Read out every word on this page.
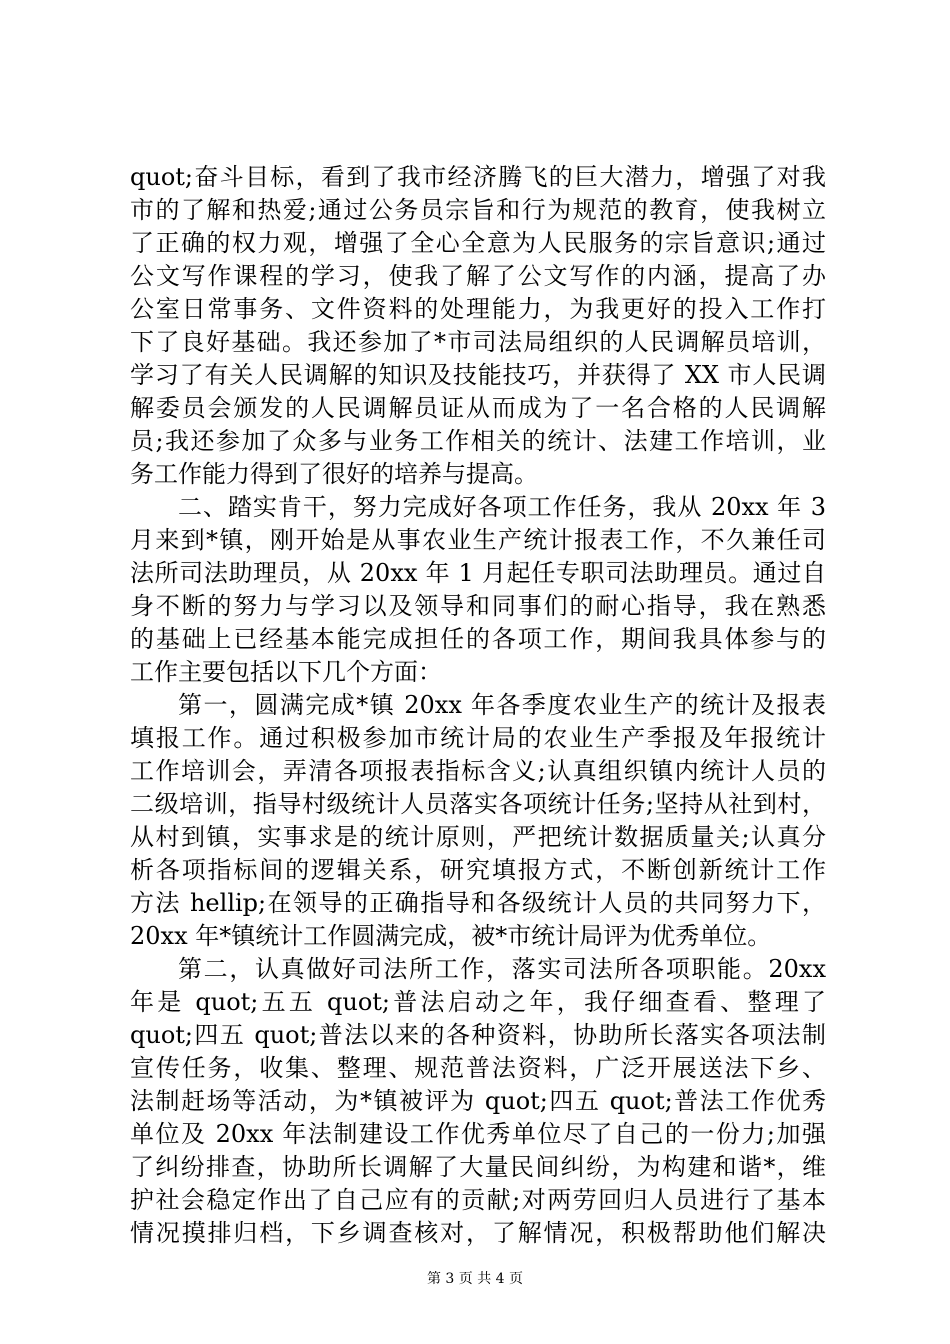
quot;奋斗目标，看到了我市经济腾飞的巨大潜力，增强了对我
市的了解和热爱;通过公务员宗旨和行为规范的教育，使我树立
了正确的权力观，增强了全心全意为人民服务的宗旨意识;通过
公文写作课程的学习，使我了解了公文写作的内涵，提高了办
公室日常事务、文件资料的处理能力，为我更好的投入工作打
下了良好基础。我还参加了*市司法局组织的人民调解员培训，
学习了有关人民调解的知识及技能技巧，并获得了 XX 市人民调
解委员会颁发的人民调解员证从而成为了一名合格的人民调解
员;我还参加了众多与业务工作相关的统计、法建工作培训，业
务工作能力得到了很好的培养与提高。
二、踏实肯干，努力完成好各项工作任务，我从 20xx 年 3
月来到*镇，刚开始是从事农业生产统计报表工作，不久兼任司
法所司法助理员，从 20xx 年 1 月起任专职司法助理员。通过自
身不断的努力与学习以及领导和同事们的耐心指导，我在熟悉
的基础上已经基本能完成担任的各项工作，期间我具体参与的
工作主要包括以下几个方面：
第一，圆满完成*镇 20xx 年各季度农业生产的统计及报表
填报工作。通过积极参加市统计局的农业生产季报及年报统计
工作培训会，弄清各项报表指标含义;认真组织镇内统计人员的
二级培训，指导村级统计人员落实各项统计任务;坚持从社到村，
从村到镇，实事求是的统计原则，严把统计数据质量关;认真分
析各项指标间的逻辑关系，研究填报方式，不断创新统计工作
方法 hellip;在领导的正确指导和各级统计人员的共同努力下，
20xx 年*镇统计工作圆满完成，被*市统计局评为优秀单位。
第二，认真做好司法所工作，落实司法所各项职能。20xx
年是 quot;五五 quot;普法启动之年，我仔细查看、整理了
quot;四五 quot;普法以来的各种资料，协助所长落实各项法制
宣传任务，收集、整理、规范普法资料，广泛开展送法下乡、
法制赶场等活动，为*镇被评为 quot;四五 quot;普法工作优秀
单位及 20xx 年法制建设工作优秀单位尽了自己的一份力;加强
了纠纷排查，协助所长调解了大量民间纠纷，为构建和谐*，维
护社会稳定作出了自己应有的贡献;对两劳回归人员进行了基本
情况摸排归档，下乡调查核对，了解情况，积极帮助他们解决
第 3 页 共 4 页
